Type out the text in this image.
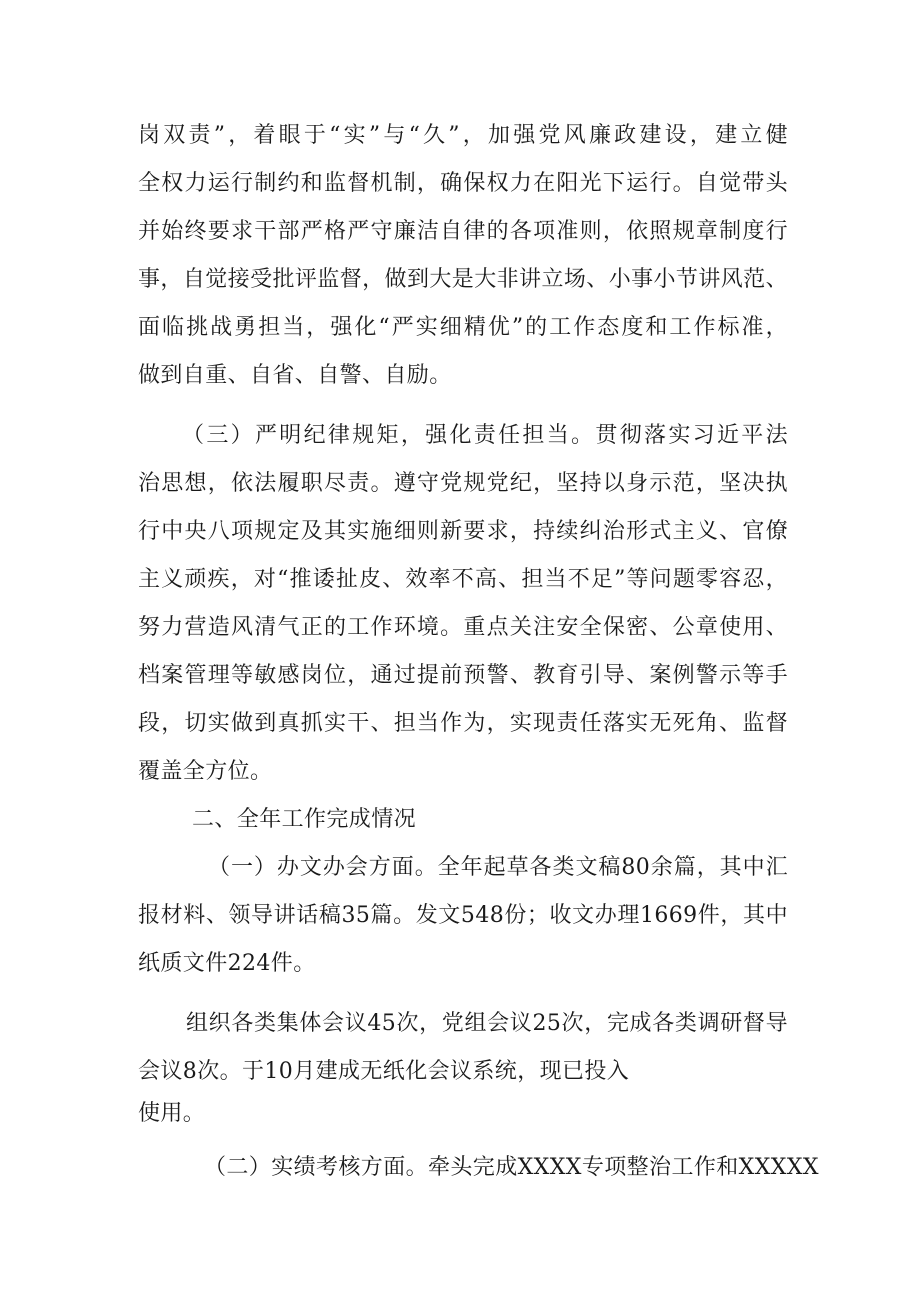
岗双责”，着眼于“实”与“久”，加强党风廉政建设，建立健
全权力运行制约和监督机制，确保权力在阳光下运行。自觉带头
并始终要求干部严格严守廉洁自律的各项准则，依照规章制度行
事，自觉接受批评监督，做到大是大非讲立场、小事小节讲风范、
面临挑战勇担当，强化“严实细精优”的工作态度和工作标准，
做到自重、自省、自警、自励。
（三）严明纪律规矩，强化责任担当。贯彻落实习近平法
治思想，依法履职尽责。遵守党规党纪，坚持以身示范，坚决执
行中央八项规定及其实施细则新要求，持续纠治形式主义、官僚
主义顽疾，对“推诿扯皮、效率不高、担当不足”等问题零容忍，
努力营造风清气正的工作环境。重点关注安全保密、公章使用、
档案管理等敏感岗位，通过提前预警、教育引导、案例警示等手
段，切实做到真抓实干、担当作为，实现责任落实无死角、监督
覆盖全方位。
二、全年工作完成情况
（一）办文办会方面。全年起草各类文稿80余篇，其中汇
报材料、领导讲话稿35篇。发文548份；收文办理1669件，其中
纸质文件224件。
组织各类集体会议45次，党组会议25次，完成各类调研督导
会议8次。于10月建成无纸化会议系统，现已投入
使用。
（二）实绩考核方面。牵头完成XXXX专项整治工作和XXXXX
